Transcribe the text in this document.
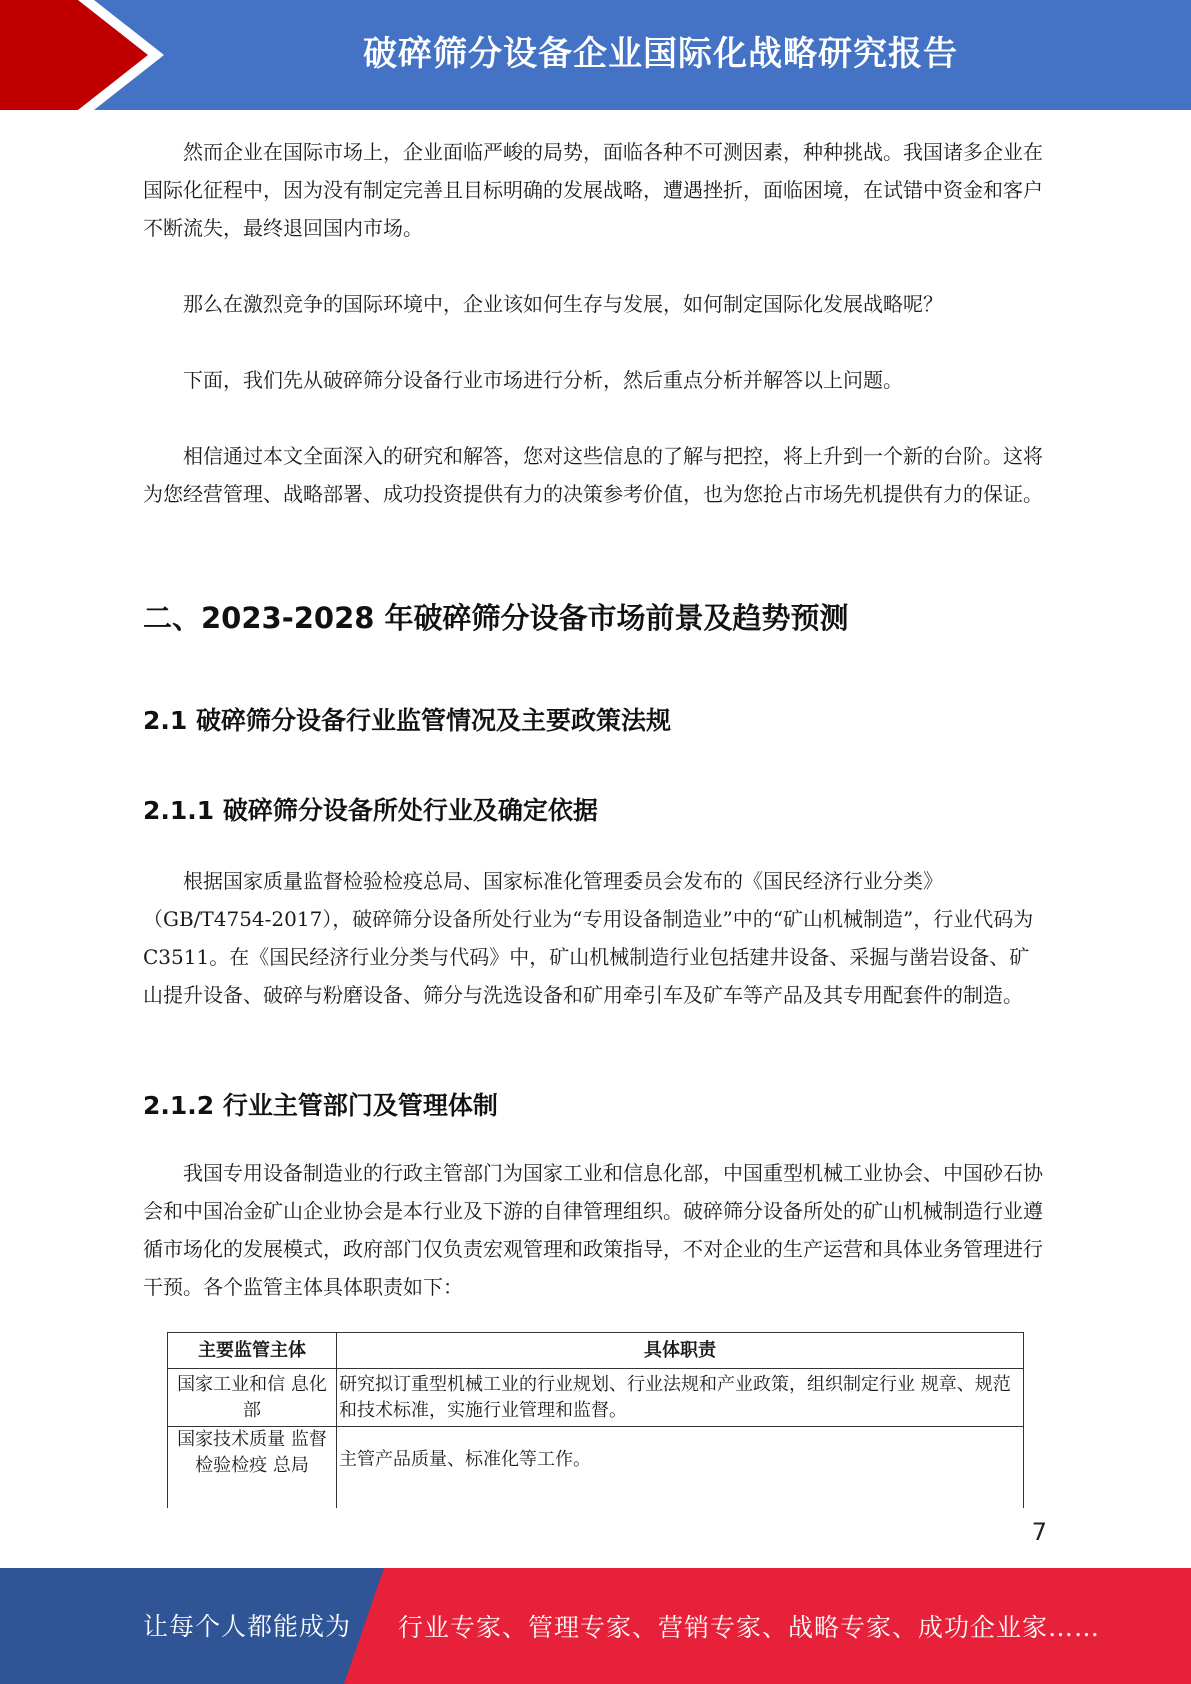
破碎筛分设备企业国际化战略研究报告
然而企业在国际市场上，企业面临严峻的局势，面临各种不可测因素，种种挑战。我国诸多企业在国际化征程中，因为没有制定完善且目标明确的发展战略，遭遇挫折，面临困境，在试错中资金和客户不断流失，最终退回国内市场。
那么在激烈竞争的国际环境中，企业该如何生存与发展，如何制定国际化发展战略呢？
下面，我们先从破碎筛分设备行业市场进行分析，然后重点分析并解答以上问题。
相信通过本文全面深入的研究和解答，您对这些信息的了解与把控，将上升到一个新的台阶。这将为您经营管理、战略部署、成功投资提供有力的决策参考价值，也为您抢占市场先机提供有力的保证。
二、2023-2028 年破碎筛分设备市场前景及趋势预测
2.1 破碎筛分设备行业监管情况及主要政策法规
2.1.1 破碎筛分设备所处行业及确定依据
根据国家质量监督检验检疫总局、国家标准化管理委员会发布的《国民经济行业分类》（GB/T4754-2017），破碎筛分设备所处行业为“专用设备制造业”中的“矿山机械制造”，行业代码为 C3511。在《国民经济行业分类与代码》中，矿山机械制造行业包括建井设备、采掘与凿岩设备、矿山提升设备、破碎与粉磨设备、筛分与洗选设备和矿用牵引车及矿车等产品及其专用配套件的制造。
2.1.2 行业主管部门及管理体制
我国专用设备制造业的行政主管部门为国家工业和信息化部，中国重型机械工业协会、中国砂石协会和中国冶金矿山企业协会是本行业及下游的自律管理组织。破碎筛分设备所处的矿山机械制造行业遵循市场化的发展模式，政府部门仅负责宏观管理和政策指导，不对企业的生产运营和具体业务管理进行干预。各个监管主体具体职责如下：
主要监管主体	具体职责
国家工业和信 息化部	研究拟订重型机械工业的行业规划、行业法规和产业政策，组织制定行业 规章、规范和技术标准，实施行业管理和监督。
国家技术质量 监督检验检疫 总局	主管产品质量、标准化等工作。
7
让每个人都能成为 行业专家、管理专家、营销专家、战略专家、成功企业家……
